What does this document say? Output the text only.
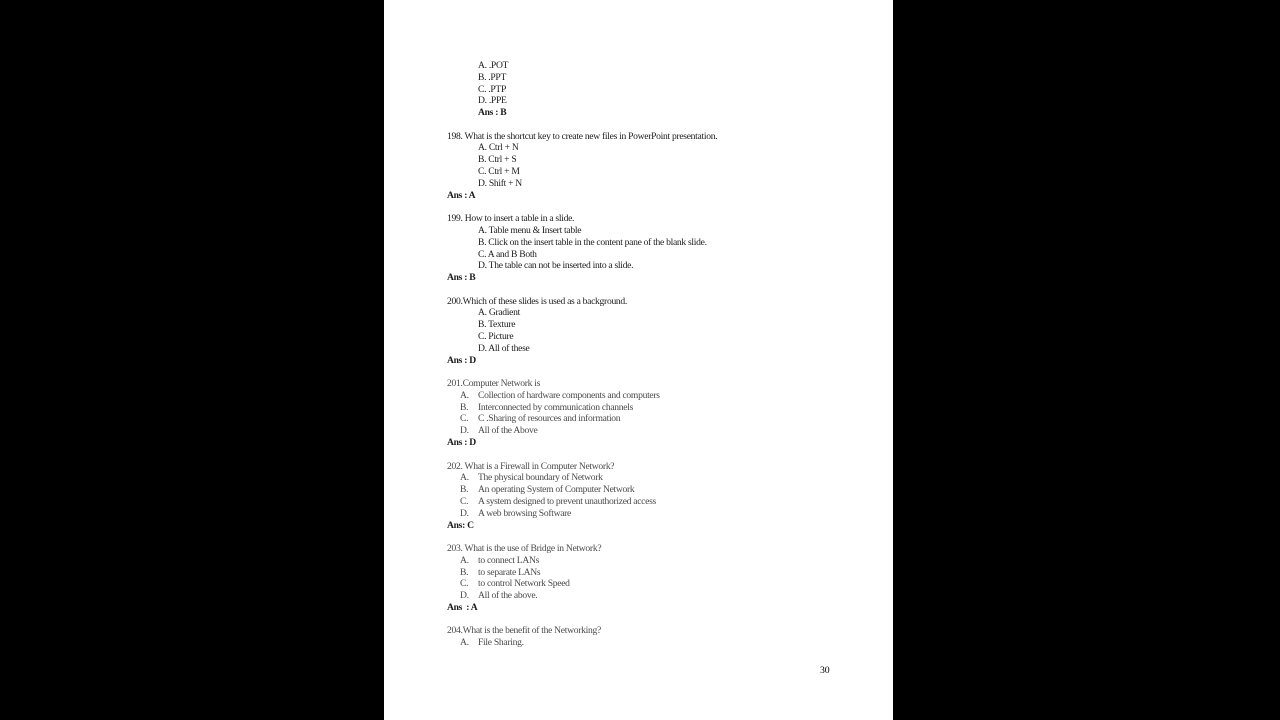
A. .POT
B. .PPT
C. .PTP
D. .PPE
Ans : B
198. What is the shortcut key to create new files in PowerPoint presentation.
A. Ctrl + N
B. Ctrl + S
C. Ctrl + M
D. Shift + N
Ans : A
199. How to insert a table in a slide.
A. Table menu & Insert table
B. Click on the insert table in the content pane of the blank slide.
C. A and B Both
D. The table can not be inserted into a slide.
Ans : B
200.Which of these slides is used as a background.
A. Gradient
B. Texture
C. Picture
D. All of these
Ans : D
201.Computer Network is
A. Collection of hardware components and computers
B. Interconnected by communication channels
C. C .Sharing of resources and information
D. All of the Above
Ans : D
202. What is a Firewall in Computer Network?
A. The physical boundary of Network
B. An operating System of Computer Network
C. A system designed to prevent unauthorized access
D. A web browsing Software
Ans: C
203. What is the use of Bridge in Network?
A. to connect LANs
B. to separate LANs
C. to control Network Speed
D. All of the above.
Ans  : A
204.What is the benefit of the Networking?
A. File Sharing.
30
